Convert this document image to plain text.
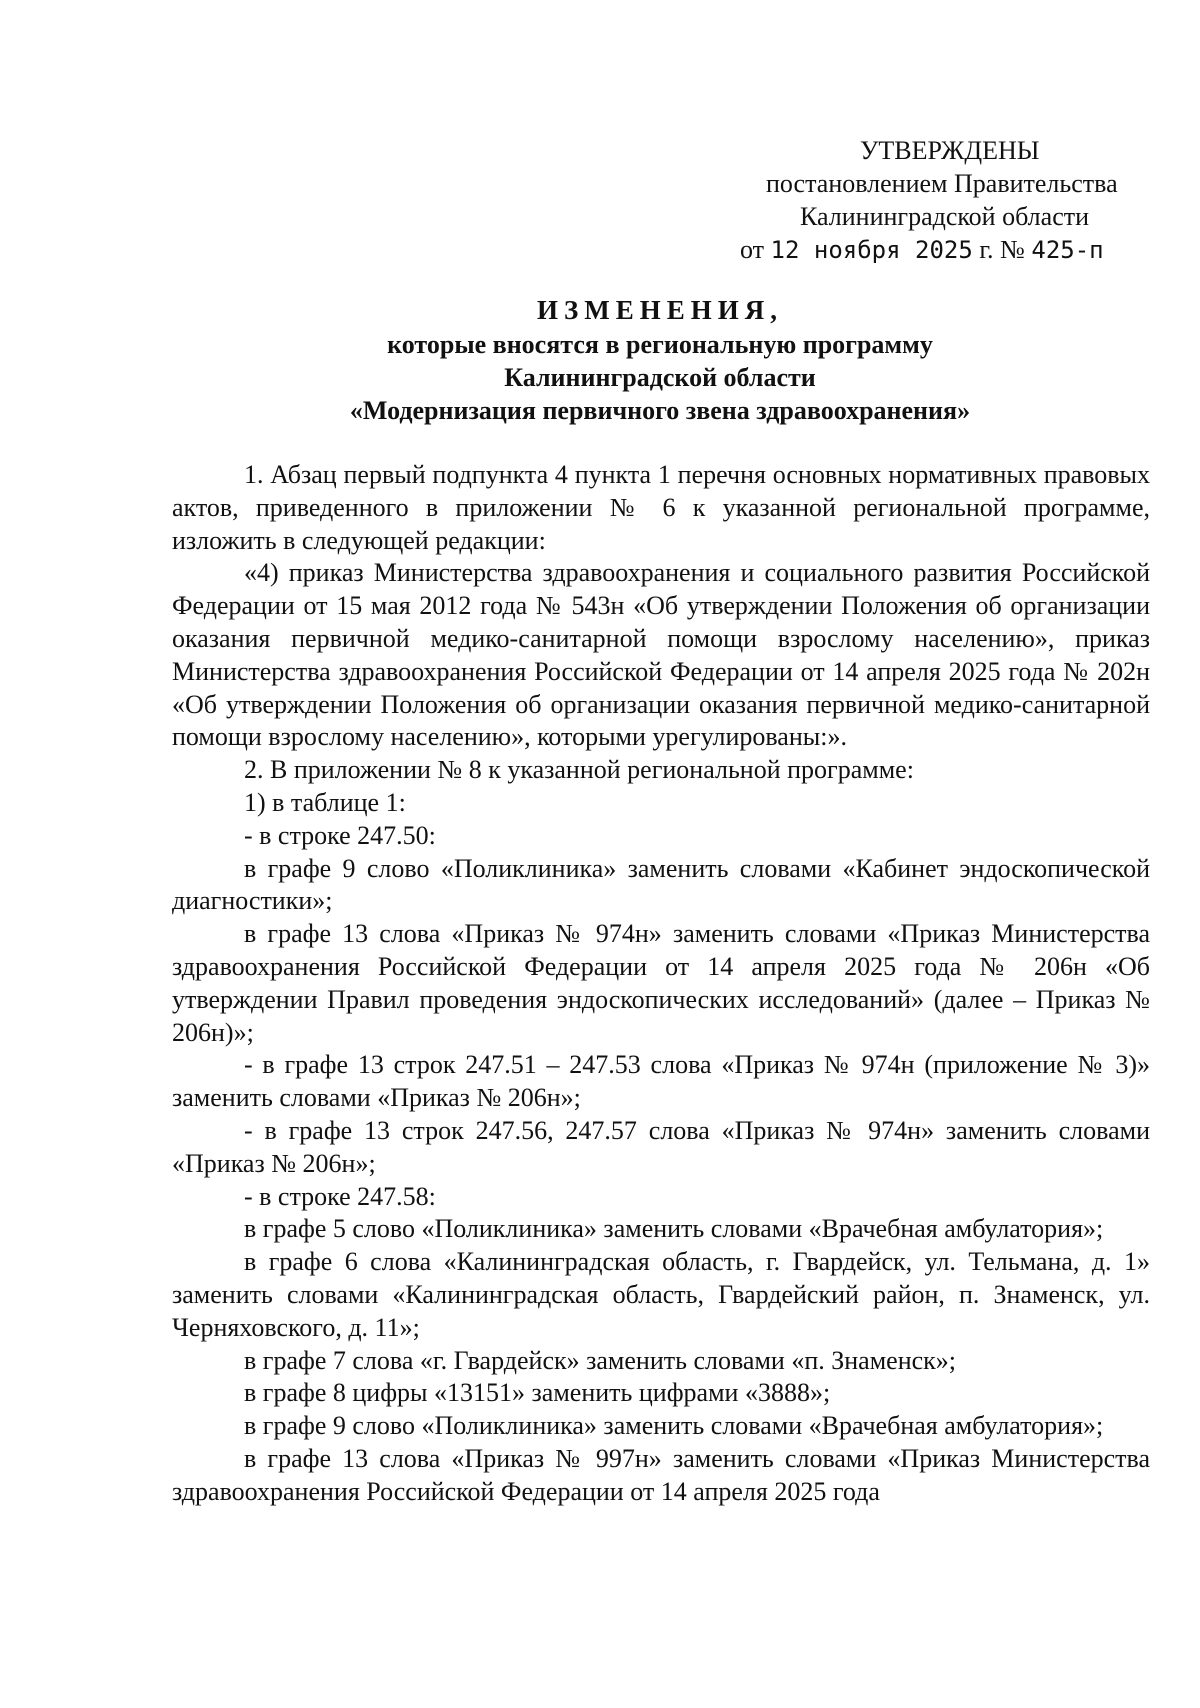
УТВЕРЖДЕНЫ
постановлением Правительства
Калининградской области
от 12 ноября 2025 г. № 425-п
ИЗМЕНЕНИЯ,
которые вносятся в региональную программу
Калининградской области
«Модернизация первичного звена здравоохранения»

1. Абзац первый подпункта 4 пункта 1 перечня основных нормативных правовых актов, приведенного в приложении № 6 к указанной региональной программе, изложить в следующей редакции:

«4) приказ Министерства здравоохранения и социального развития Российской Федерации от 15 мая 2012 года № 543н «Об утверждении Положения об организации оказания первичной медико-санитарной помощи взрослому населению», приказ Министерства здравоохранения Российской Федерации от 14 апреля 2025 года № 202н «Об утверждении Положения об организации оказания первичной медико-санитарной помощи взрослому населению», которыми урегулированы:».

2. В приложении № 8 к указанной региональной программе:

1) в таблице 1:

- в строке 247.50:

в графе 9 слово «Поликлиника» заменить словами «Кабинет эндоскопической диагностики»;

в графе 13 слова «Приказ № 974н» заменить словами «Приказ Министерства здравоохранения Российской Федерации от 14 апреля 2025 года № 206н «Об утверждении Правил проведения эндоскопических исследований» (далее – Приказ № 206н)»;

- в графе 13 строк 247.51 – 247.53 слова «Приказ № 974н (приложение № 3)» заменить словами «Приказ № 206н»;

- в графе 13 строк 247.56, 247.57 слова «Приказ № 974н» заменить словами «Приказ № 206н»;

- в строке 247.58:

в графе 5 слово «Поликлиника» заменить словами «Врачебная амбулатория»;

в графе 6 слова «Калининградская область, г. Гвардейск, ул. Тельмана, д. 1» заменить словами «Калининградская область, Гвардейский район, п. Знаменск, ул. Черняховского, д. 11»;

в графе 7 слова «г. Гвардейск» заменить словами «п. Знаменск»;

в графе 8 цифры «13151» заменить цифрами «3888»;

в графе 9 слово «Поликлиника» заменить словами «Врачебная амбулатория»;

в графе 13 слова «Приказ № 997н» заменить словами «Приказ Министерства здравоохранения Российской Федерации от 14 апреля 2025 года
